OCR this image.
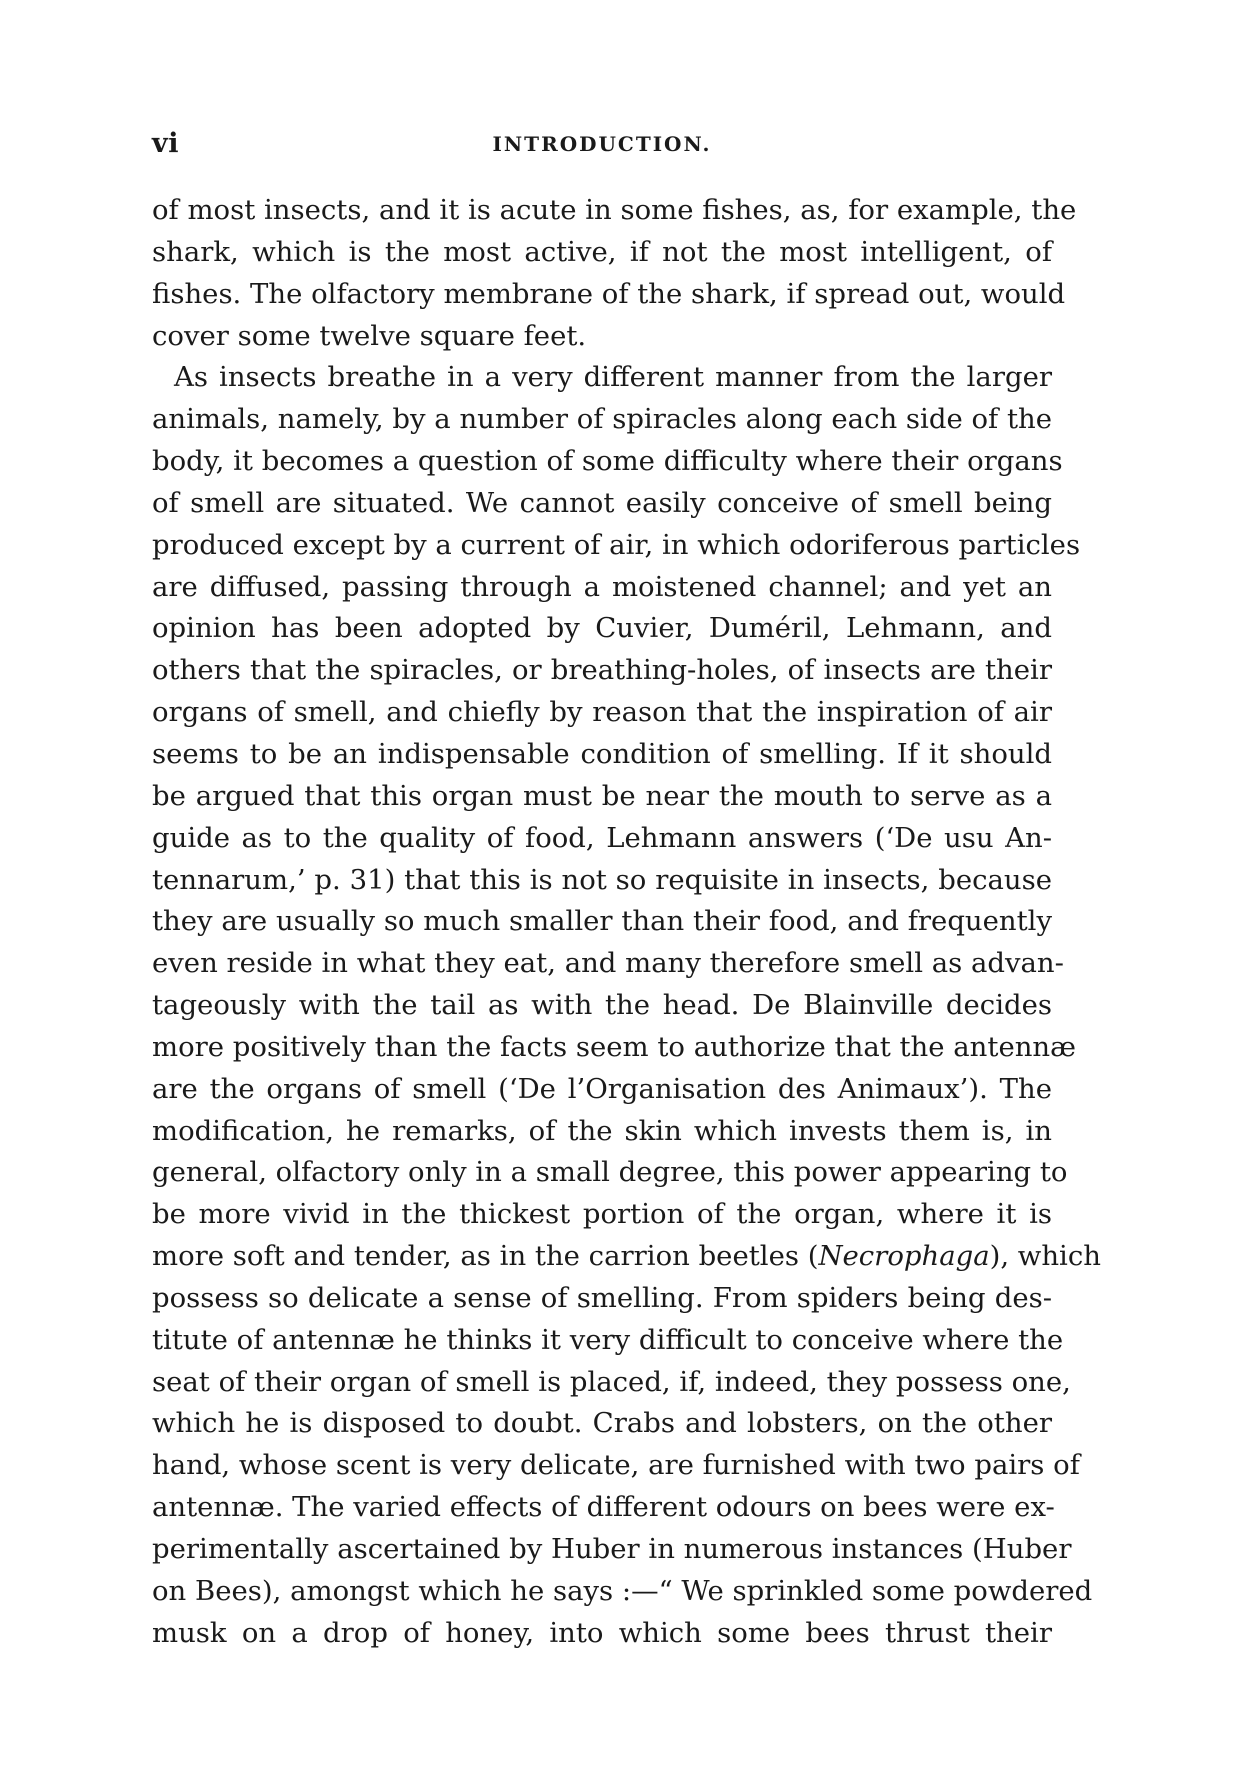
vi	INTRODUCTION.
of most insects, and it is acute in some fishes, as, for example, the
shark, which is the most active, if not the most intelligent, of
fishes. The olfactory membrane of the shark, if spread out, would
cover some twelve square feet.
As insects breathe in a very different manner from the larger
animals, namely, by a number of spiracles along each side of the
body, it becomes a question of some difficulty where their organs
of smell are situated. We cannot easily conceive of smell being
produced except by a current of air, in which odoriferous particles
are diffused, passing through a moistened channel; and yet an
opinion has been adopted by Cuvier, Duméril, Lehmann, and
others that the spiracles, or breathing-holes, of insects are their
organs of smell, and chiefly by reason that the inspiration of air
seems to be an indispensable condition of smelling. If it should
be argued that this organ must be near the mouth to serve as a
guide as to the quality of food, Lehmann answers (‘De usu An-
tennarum,’ p. 31) that this is not so requisite in insects, because
they are usually so much smaller than their food, and frequently
even reside in what they eat, and many therefore smell as advan-
tageously with the tail as with the head. De Blainville decides
more positively than the facts seem to authorize that the antennæ
are the organs of smell (‘De l’Organisation des Animaux’). The
modification, he remarks, of the skin which invests them is, in
general, olfactory only in a small degree, this power appearing to
be more vivid in the thickest portion of the organ, where it is
more soft and tender, as in the carrion beetles (Necrophaga), which
possess so delicate a sense of smelling. From spiders being des-
titute of antennæ he thinks it very difficult to conceive where the
seat of their organ of smell is placed, if, indeed, they possess one,
which he is disposed to doubt. Crabs and lobsters, on the other
hand, whose scent is very delicate, are furnished with two pairs of
antennæ. The varied effects of different odours on bees were ex-
perimentally ascertained by Huber in numerous instances (Huber
on Bees), amongst which he says :—“ We sprinkled some powdered
musk on a drop of honey, into which some bees thrust their
